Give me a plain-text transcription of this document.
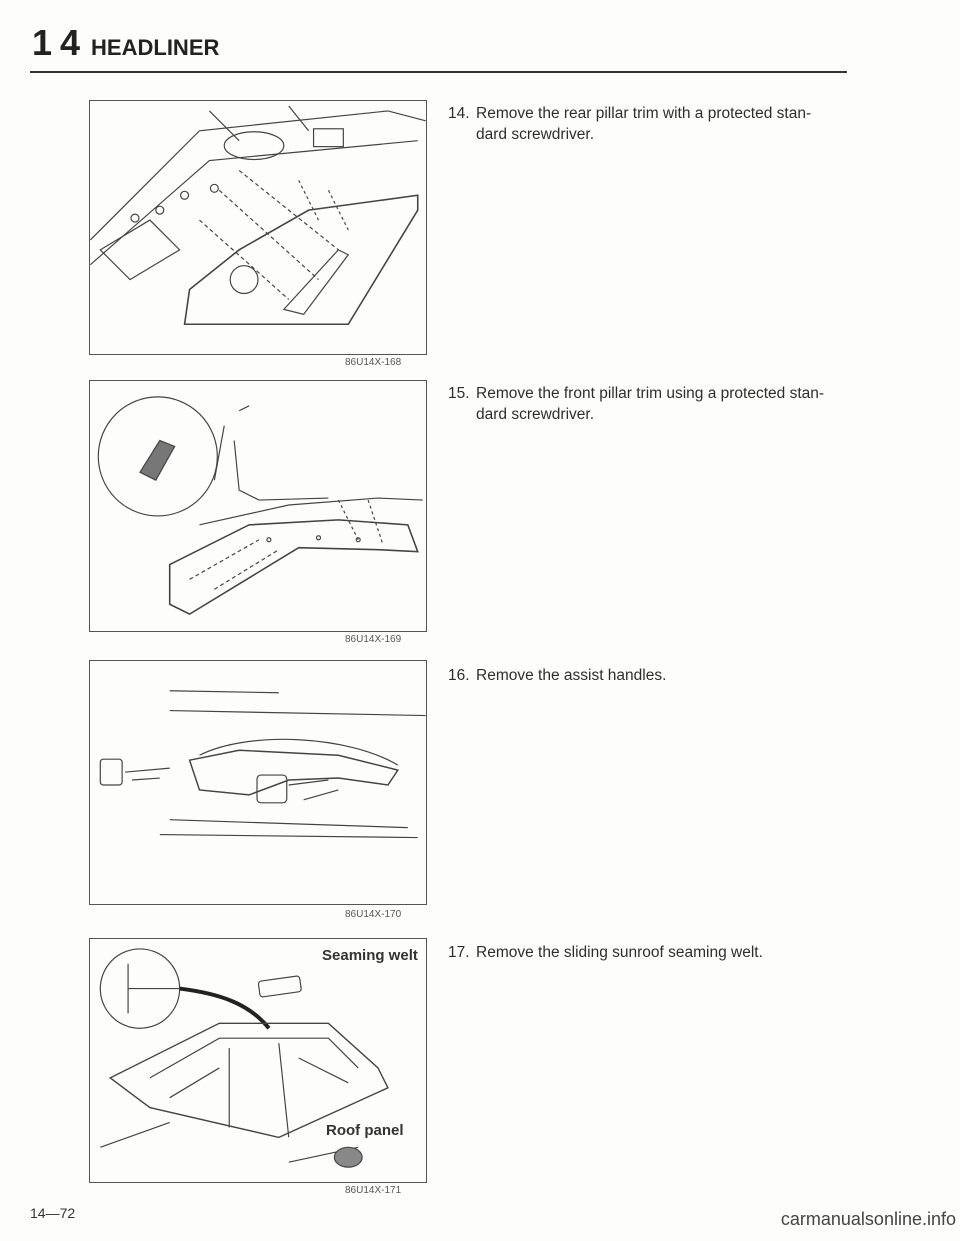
1 4 HEADLINER
86U14X-168
86U14X-169
86U14X-170
Seaming welt
Roof panel
86U14X-171
14. Remove the rear pillar trim with a protected stan-
dard screwdriver.
15. Remove the front pillar trim using a protected stan-
dard screwdriver.
16. Remove the assist handles.
17. Remove the sliding sunroof seaming welt.
14—72	carmanualsonline.info
